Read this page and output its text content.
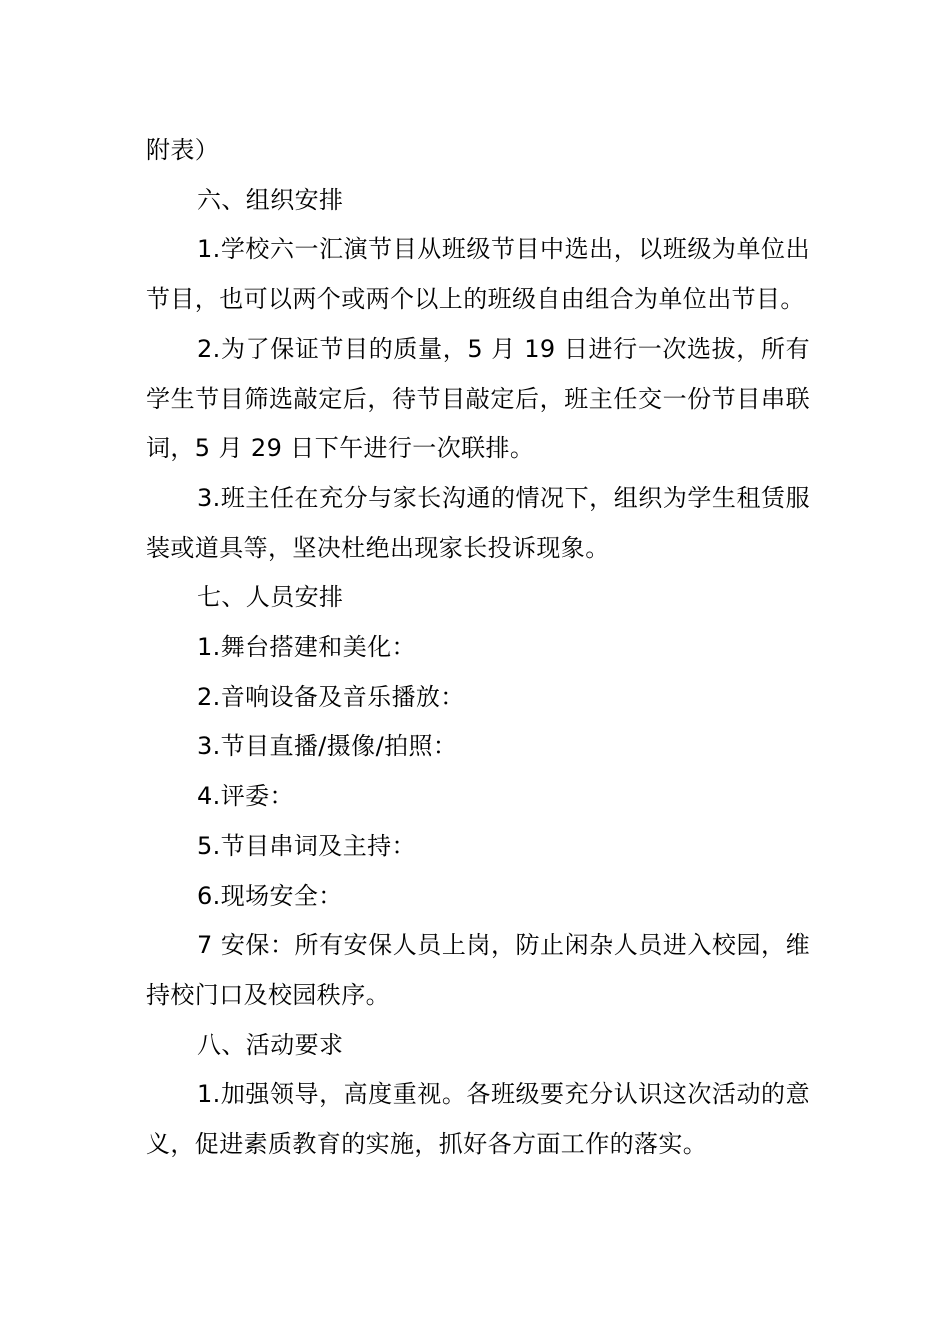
附表）

六、组织安排

1.学校六一汇演节目从班级节目中选出，以班级为单位出节目，也可以两个或两个以上的班级自由组合为单位出节目。

2.为了保证节目的质量，5 月 19 日进行一次选拔，所有学生节目筛选敲定后，待节目敲定后，班主任交一份节目串联词，5 月 29 日下午进行一次联排。

3.班主任在充分与家长沟通的情况下，组织为学生租赁服装或道具等，坚决杜绝出现家长投诉现象。

七、人员安排

1.舞台搭建和美化：

2.音响设备及音乐播放：

3.节目直播/摄像/拍照：

4.评委：

5.节目串词及主持：

6.现场安全：

7 安保：所有安保人员上岗，防止闲杂人员进入校园，维持校门口及校园秩序。

八、活动要求

1.加强领导，高度重视。各班级要充分认识这次活动的意义，促进素质教育的实施，抓好各方面工作的落实。
